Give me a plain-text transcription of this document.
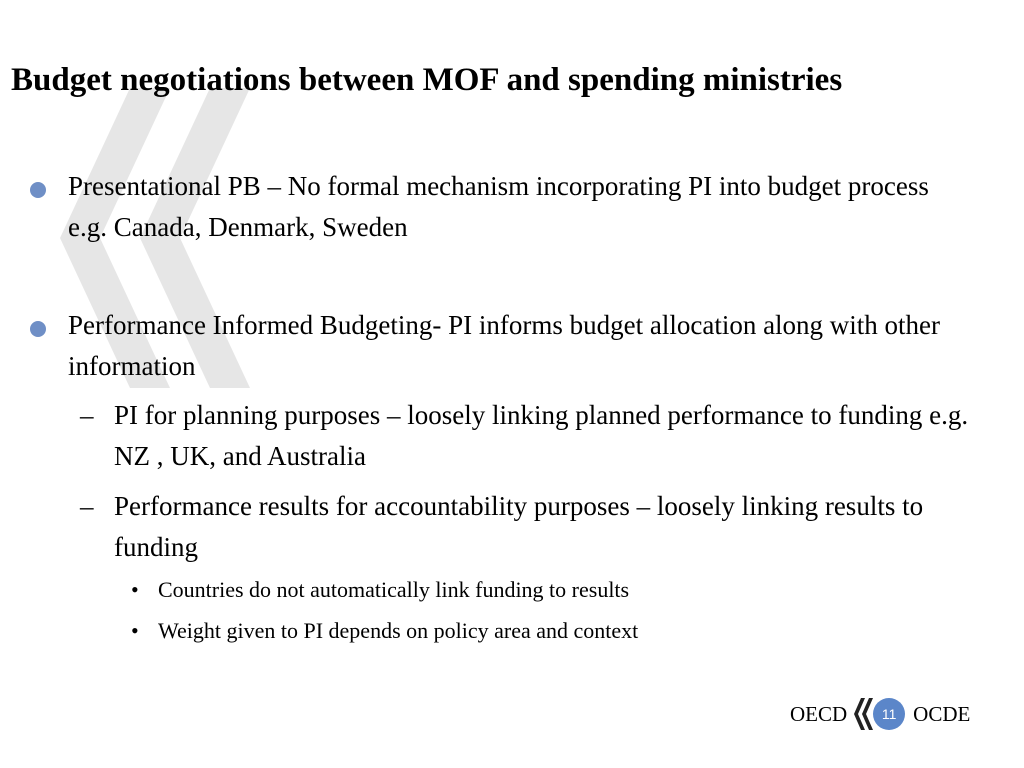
Budget negotiations between MOF and spending ministries
Presentational PB – No formal mechanism incorporating PI into budget process e.g. Canada, Denmark, Sweden
Performance Informed Budgeting- PI informs budget allocation along with other information
– PI for planning purposes – loosely linking planned performance to funding e.g. NZ , UK, and Australia
– Performance results for accountability purposes – loosely linking results to funding
• Countries do not automatically link funding to results
• Weight given to PI depends on policy area and context
OECD	11 OCDE
